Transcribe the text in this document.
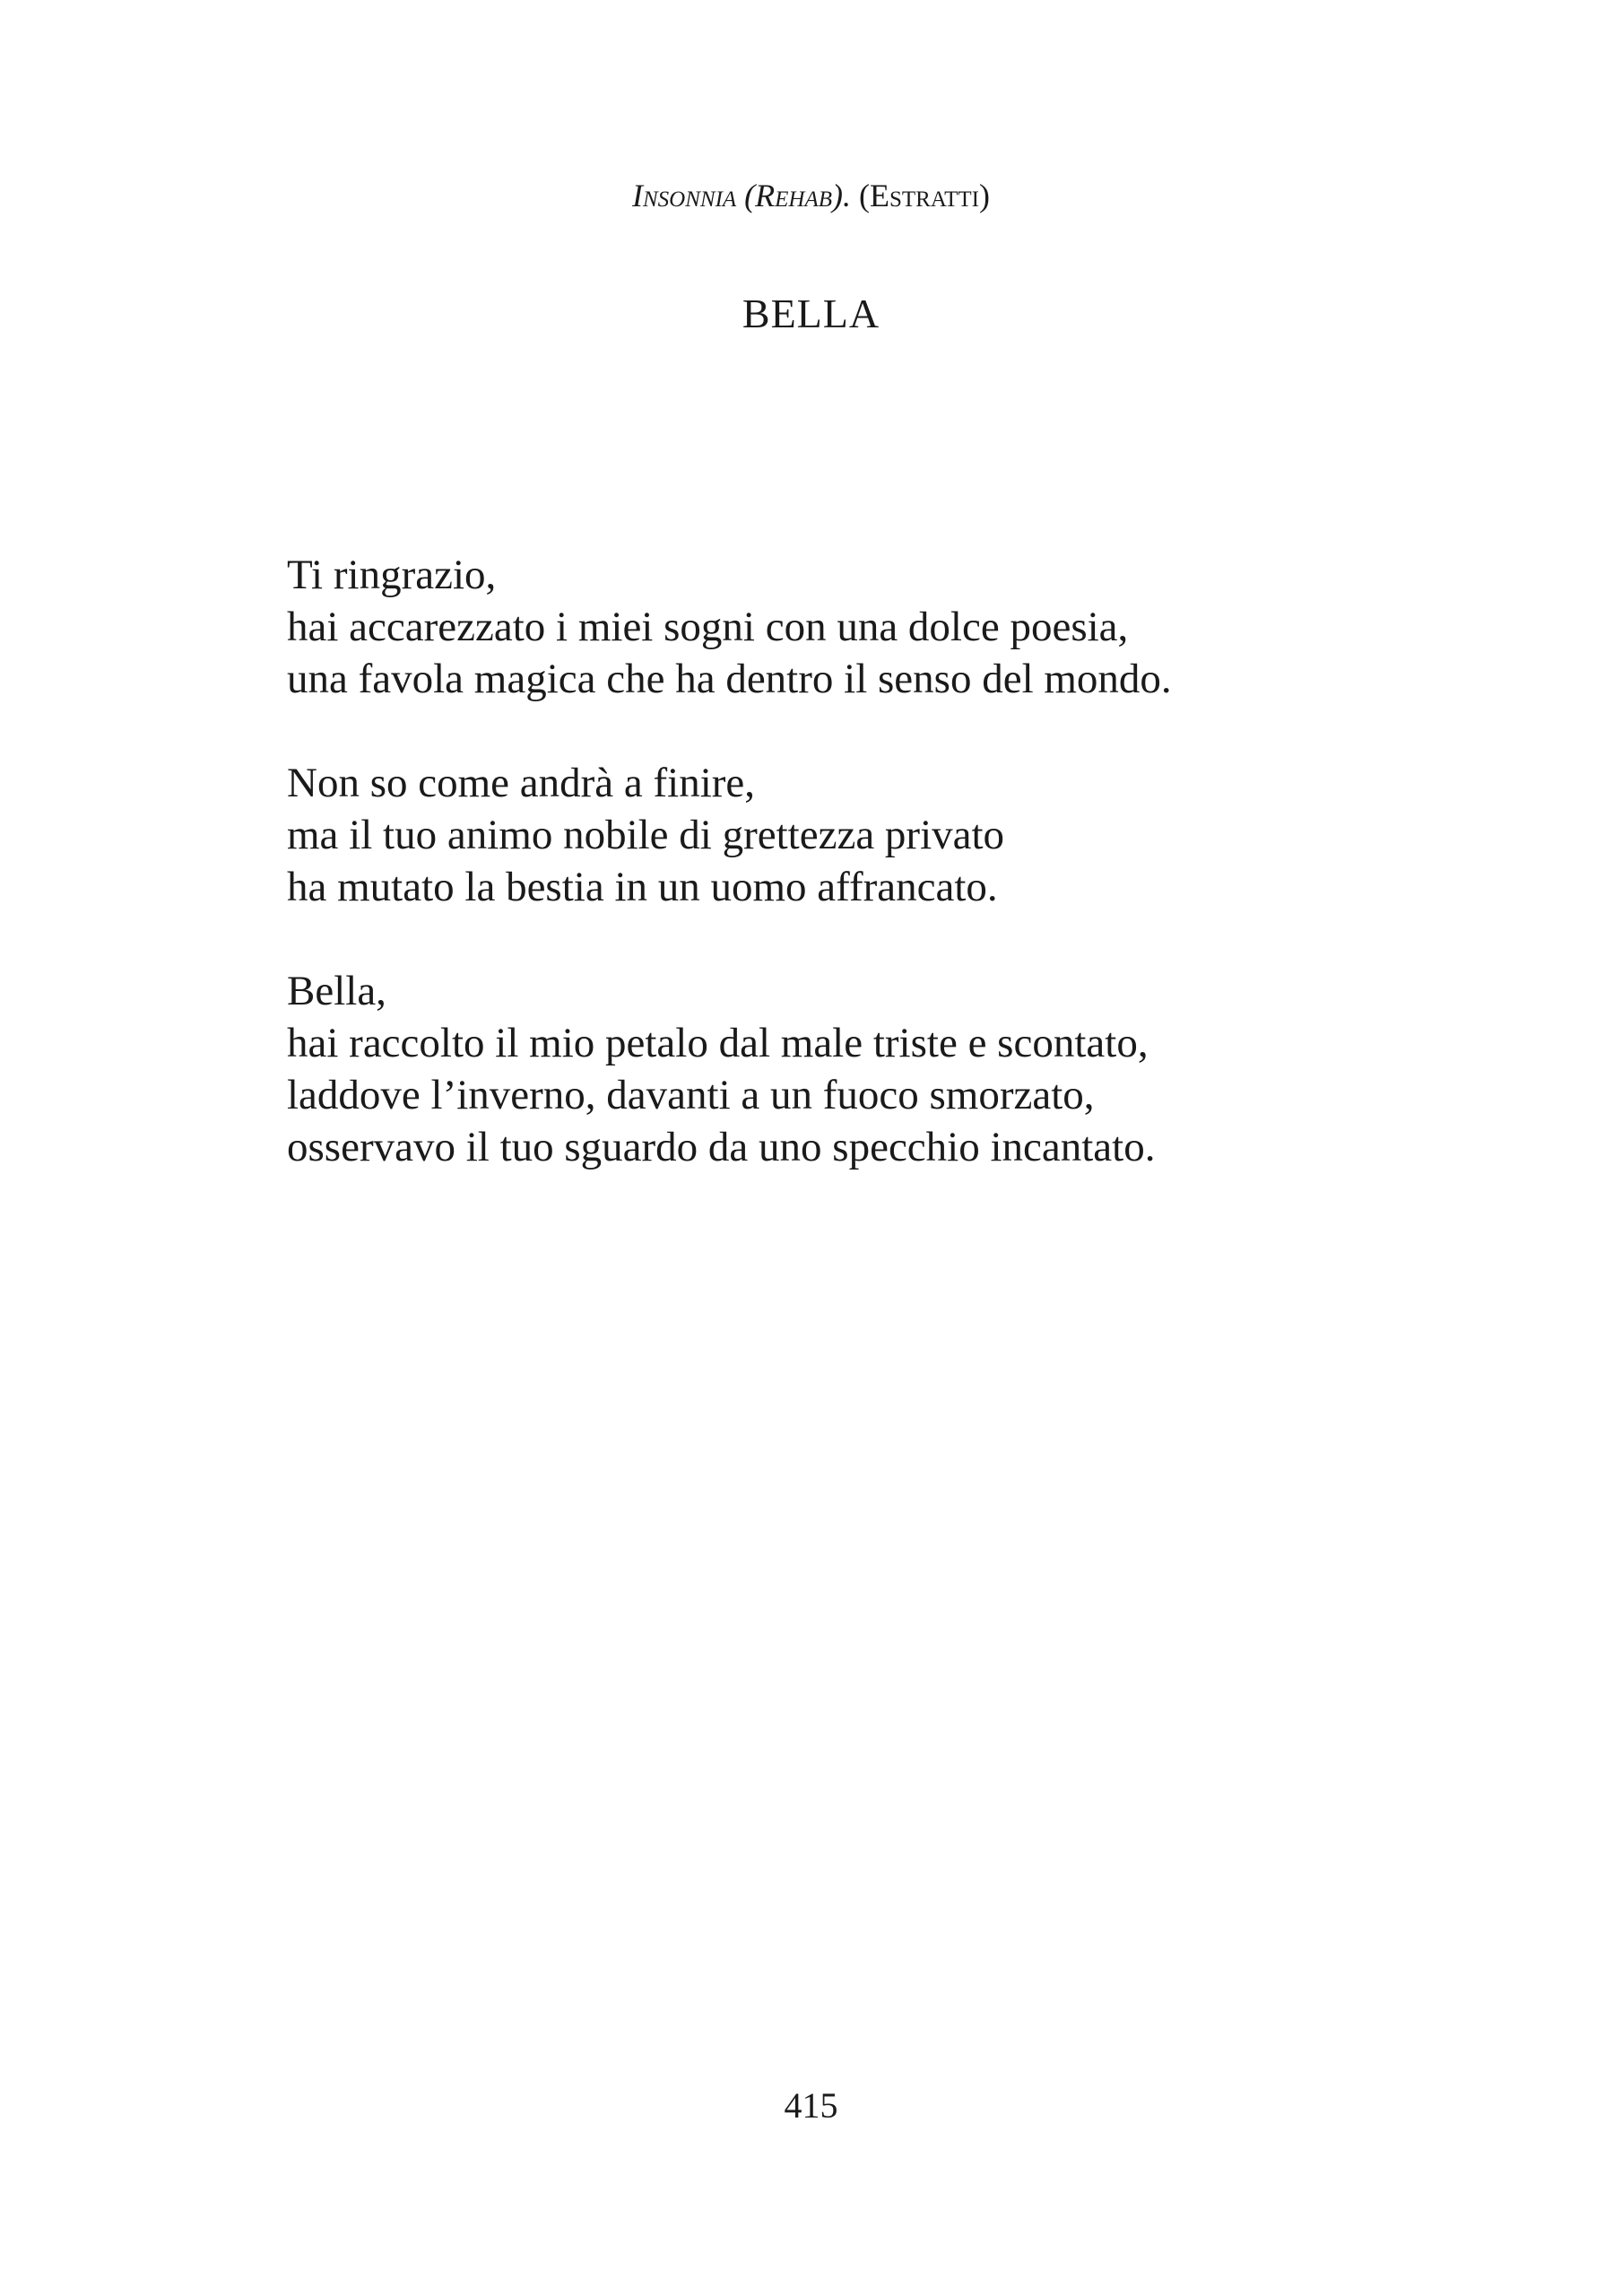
Insonnia (Rehab). (Estratti)
BELLA
Ti ringrazio,
hai accarezzato i miei sogni con una dolce poesia,
una favola magica che ha dentro il senso del mondo.
Non so come andrà a finire,
ma il tuo animo nobile di grettezza privato
ha mutato la bestia in un uomo affrancato.
Bella,
hai raccolto il mio petalo dal male triste e scontato,
laddove l’inverno, davanti a un fuoco smorzato,
osservavo il tuo sguardo da uno specchio incantato.
415
